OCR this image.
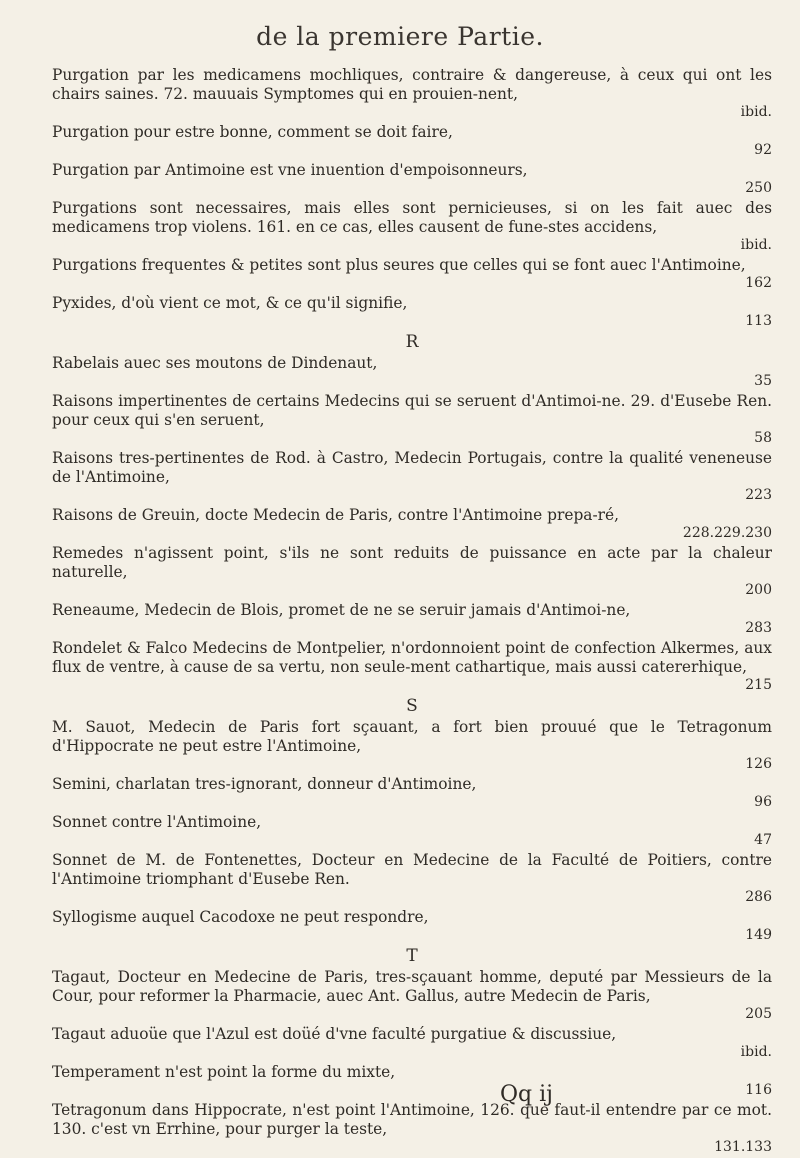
de la premiere Partie.
Purgation par les medicamens mochliques, contraire & dangereuse, à ceux qui ont les chairs saines. 72. mauuais Symptomes qui en prouien-nent,
ibid.
Purgation pour estre bonne, comment se doit faire,
92
Purgation par Antimoine est vne inuention d'empoisonneurs,
250
Purgations sont necessaires, mais elles sont pernicieuses, si on les fait auec des medicamens trop violens. 161. en ce cas, elles causent de fune-stes accidens,
ibid.
Purgations frequentes & petites sont plus seures que celles qui se font auec l'Antimoine,
162
Pyxides, d'où vient ce mot, & ce qu'il signifie,
113
R
Rabelais auec ses moutons de Dindenaut,
35
Raisons impertinentes de certains Medecins qui se seruent d'Antimoi-ne. 29. d'Eusebe Ren. pour ceux qui s'en seruent,
58
Raisons tres-pertinentes de Rod. à Castro, Medecin Portugais, contre la qualité veneneuse de l'Antimoine,
223
Raisons de Greuin, docte Medecin de Paris, contre l'Antimoine prepa-ré,
228.229.230
Remedes n'agissent point, s'ils ne sont reduits de puissance en acte par la chaleur naturelle,
200
Reneaume, Medecin de Blois, promet de ne se seruir jamais d'Antimoi-ne,
283
Rondelet & Falco Medecins de Montpelier, n'ordonnoient point de confection Alkermes, aux flux de ventre, à cause de sa vertu, non seule-ment cathartique, mais aussi catererhique,
215
S
M. Sauot, Medecin de Paris fort sçauant, a fort bien prouué que le Tetragonum d'Hippocrate ne peut estre l'Antimoine,
126
Semini, charlatan tres-ignorant, donneur d'Antimoine,
96
Sonnet contre l'Antimoine,
47
Sonnet de M. de Fontenettes, Docteur en Medecine de la Faculté de Poitiers, contre l'Antimoine triomphant d'Eusebe Ren.
286
Syllogisme auquel Cacodoxe ne peut respondre,
149
T
Tagaut, Docteur en Medecine de Paris, tres-sçauant homme, deputé par Messieurs de la Cour, pour reformer la Pharmacie, auec Ant. Gallus, autre Medecin de Paris,
205
Tagaut aduoüe que l'Azul est doüé d'vne faculté purgatiue & discussiue,
ibid.
Temperament n'est point la forme du mixte,
116
Tetragonum dans Hippocrate, n'est point l'Antimoine, 126. que faut-il entendre par ce mot. 130. c'est vn Errhine, pour purger la teste,
131.133
Qq ij
